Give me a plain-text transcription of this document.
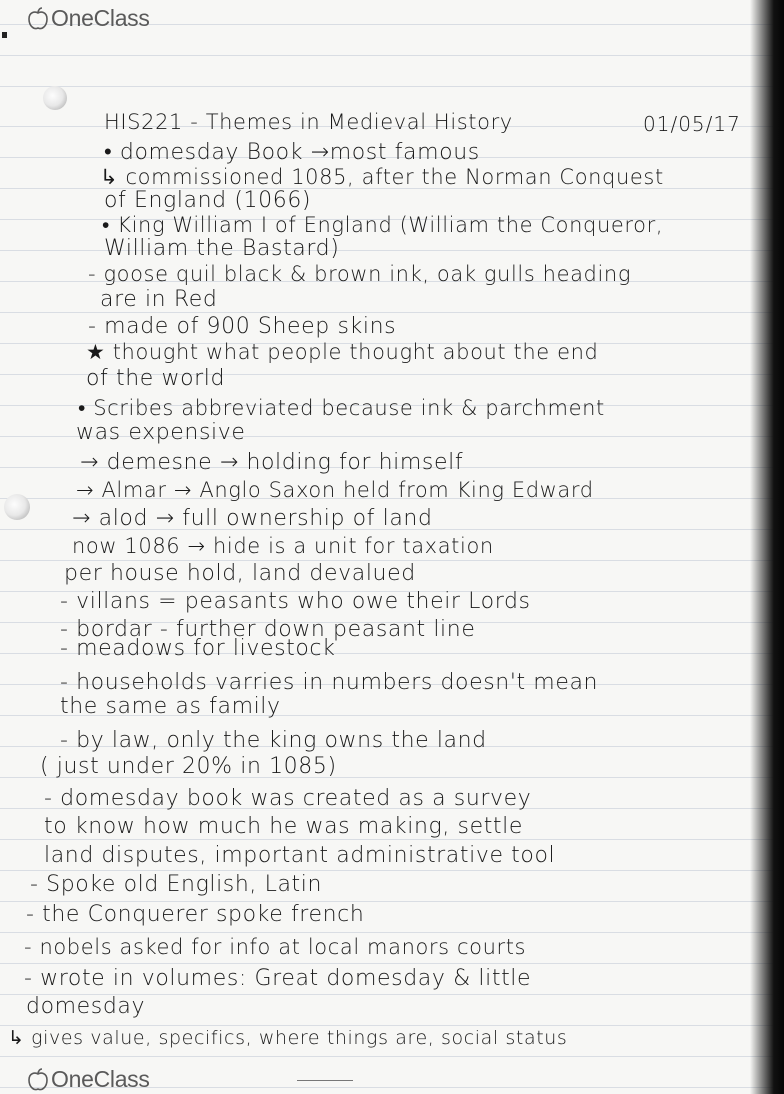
OneClass
HIS221 - Themes in Medieval History	01/05/17
• domesday Book →most famous
↳ commissioned 1085, after the Norman Conquest
of England (1066)
• King William I of England (William the Conqueror,
William the Bastard)
- goose quil black & brown ink, oak gulls heading
are in Red
- made of 900 Sheep skins
★ thought what people thought about the end
of the world
• Scribes abbreviated because ink & parchment
was expensive
→ demesne → holding for himself
→ Almar → Anglo Saxon held from King Edward
→ alod → full ownership of land
now 1086 → hide is a unit for taxation
per house hold, land devalued
- villans = peasants who owe their Lords
- bordar - further down peasant line
- meadows for livestock
- households varries in numbers doesn't mean
the same as family
- by law, only the king owns the land
( just under 20% in 1085)
- domesday book was created as a survey
to know how much he was making, settle
land disputes, important administrative tool
- Spoke old English, Latin
- the Conquerer spoke french
- nobels asked for info at local manors courts
- wrote in volumes: Great domesday & little
domesday
↳ gives value, specifics, where things are, social status
OneClass
